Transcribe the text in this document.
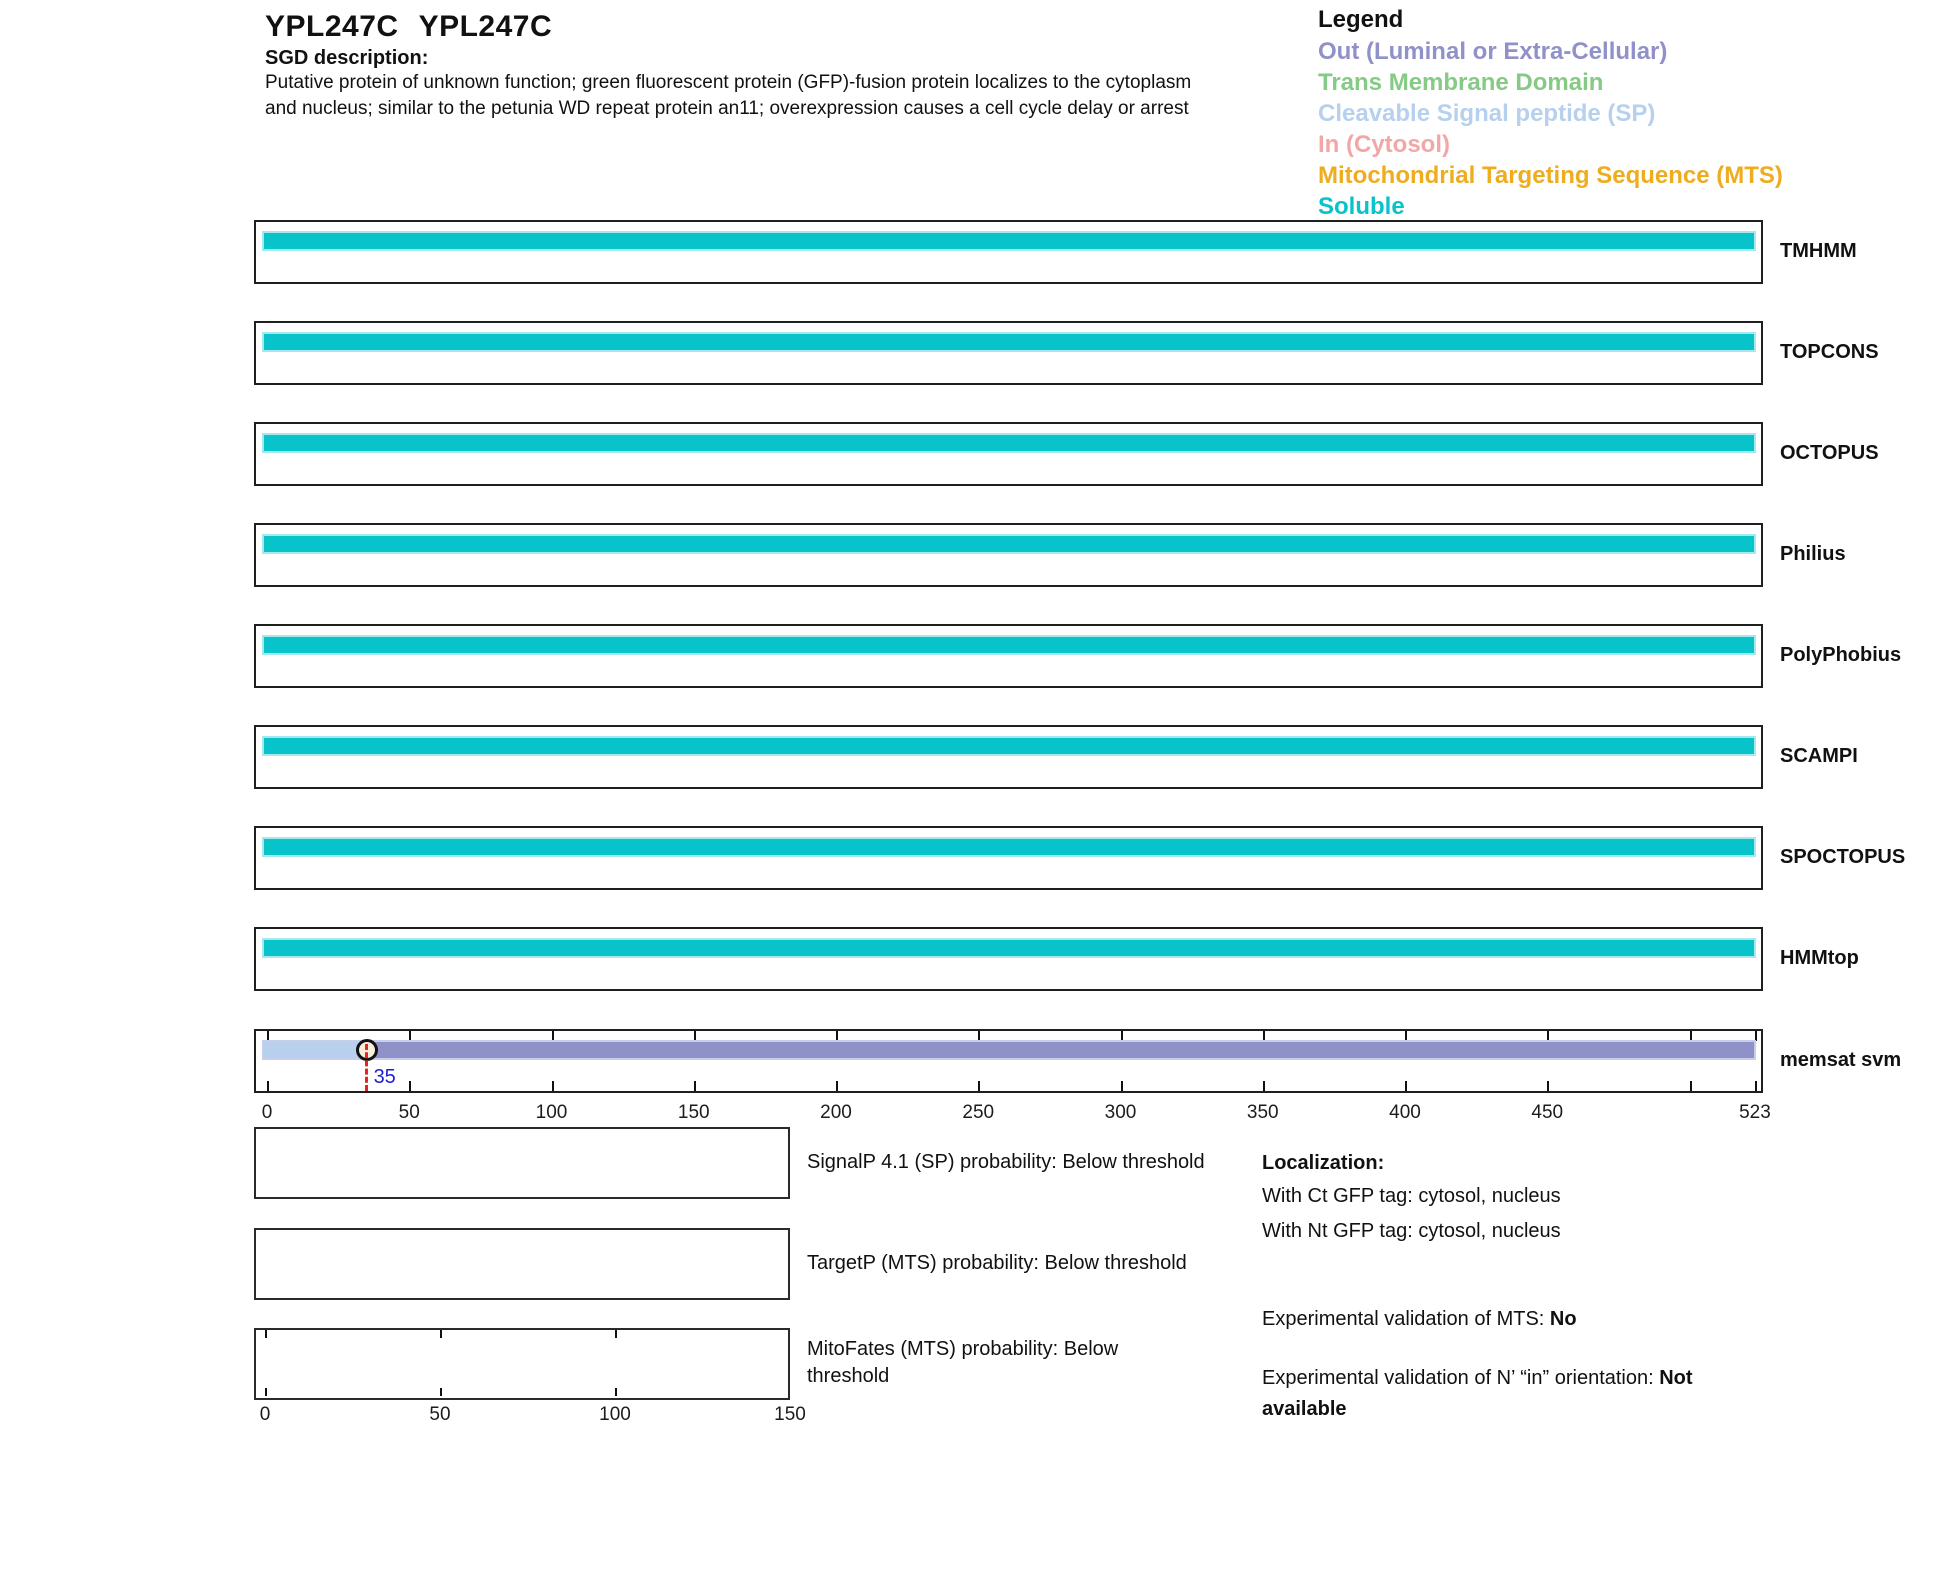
YPL247C YPL247C
SGD description:
Putative protein of unknown function; green fluorescent protein (GFP)-fusion protein localizes to the cytoplasm
and nucleus; similar to the petunia WD repeat protein an11; overexpression causes a cell cycle delay or arrest
Legend
Out (Luminal or Extra-Cellular)
Trans Membrane Domain
Cleavable Signal peptide (SP)
In (Cytosol)
Mitochondrial Targeting Sequence (MTS)
Soluble
TMHMM
TOPCONS
OCTOPUS
Philius
PolyPhobius
SCAMPI
SPOCTOPUS
HMMtop
35
memsat svm
0	50	100	150	200	250	300	350	400	450	523
SignalP 4.1 (SP) probability: Below threshold
TargetP (MTS) probability: Below threshold
0	50	100	150
MitoFates (MTS) probability: Below
threshold
Localization:
With Ct GFP tag: cytosol, nucleus
With Nt GFP tag: cytosol, nucleus
Experimental validation of MTS: No
Experimental validation of N’ “in” orientation: Not
available
